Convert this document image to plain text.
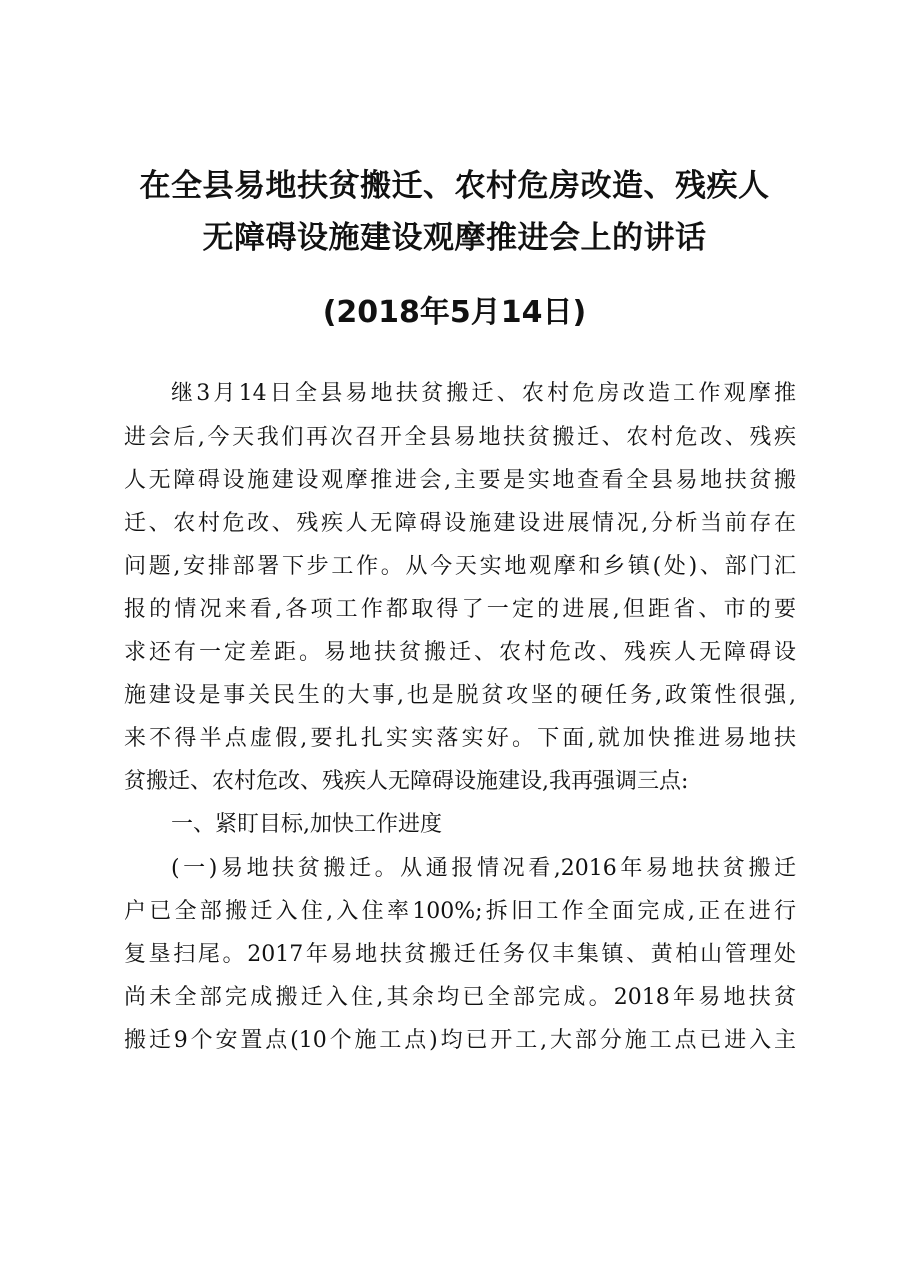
在全县易地扶贫搬迁、农村危房改造、残疾人
无障碍设施建设观摩推进会上的讲话
(2018年5月14日)
继3月14日全县易地扶贫搬迁、农村危房改造工作观摩推
进会后,今天我们再次召开全县易地扶贫搬迁、农村危改、残疾
人无障碍设施建设观摩推进会,主要是实地查看全县易地扶贫搬
迁、农村危改、残疾人无障碍设施建设进展情况,分析当前存在
问题,安排部署下步工作。从今天实地观摩和乡镇(处)、部门汇
报的情况来看,各项工作都取得了一定的进展,但距省、市的要
求还有一定差距。易地扶贫搬迁、农村危改、残疾人无障碍设
施建设是事关民生的大事,也是脱贫攻坚的硬任务,政策性很强,
来不得半点虚假,要扎扎实实落实好。下面,就加快推进易地扶
贫搬迁、农村危改、残疾人无障碍设施建设,我再强调三点:
一、紧盯目标,加快工作进度
(一)易地扶贫搬迁。从通报情况看,2016年易地扶贫搬迁
户已全部搬迁入住,入住率100%;拆旧工作全面完成,正在进行
复垦扫尾。2017年易地扶贫搬迁任务仅丰集镇、黄柏山管理处
尚未全部完成搬迁入住,其余均已全部完成。2018年易地扶贫
搬迁9个安置点(10个施工点)均已开工,大部分施工点已进入主
